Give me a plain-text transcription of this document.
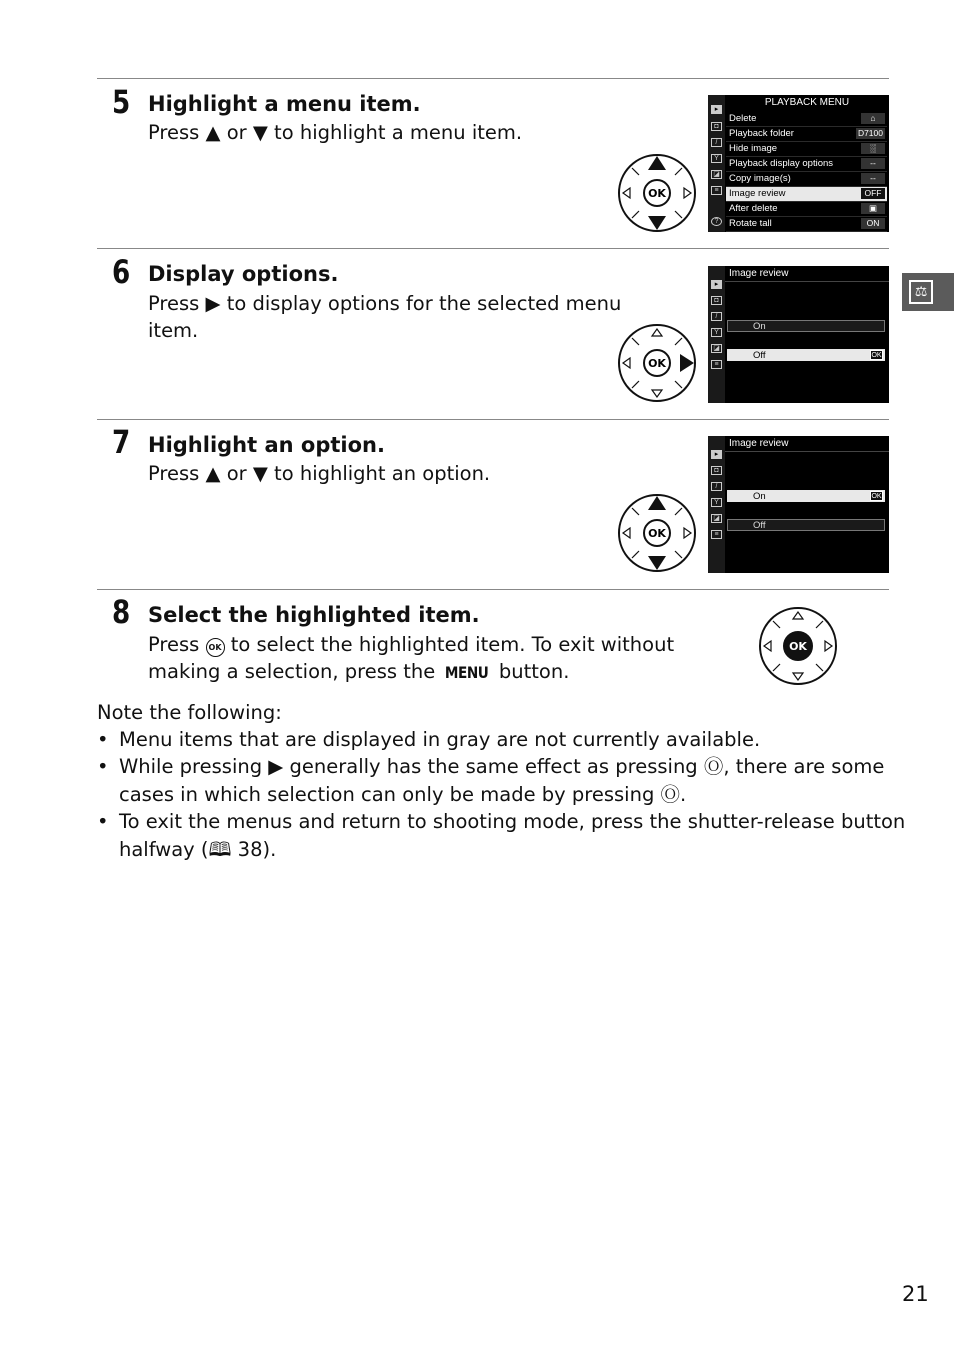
5 Highlight a menu item.
Press ▲ or ▼ to highlight a menu item.
OK
▸
◘
/
Y
◪
≡
?
PLAYBACK MENU
Delete	⌂
Playback folder	D7100
Hide image	░
Playback display options	--
Copy image(s)	--
Image review	OFF
After delete	▣
Rotate tall	ON
6 Display options.
Press ▶ to display options for the selected menu
item.
OK
▸
◘
/
Y
◪
≡
Image review
On
Off	OK
7 Highlight an option.
Press ▲ or ▼ to highlight an option.
OK
▸
◘
/
Y
◪
≡
Image review
On	OK
Off
8 Select the highlighted item.
Press OK to select the highlighted item. To exit without
making a selection, press the MENU button.
OK
Note the following:
• Menu items that are displayed in gray are not currently available.
• While pressing ▶ generally has the same effect as pressing Ⓞ, there are some
cases in which selection can only be made by pressing Ⓞ.
• To exit the menus and return to shooting mode, press the shutter-release button
halfway (🕮 38).
⚖
21
